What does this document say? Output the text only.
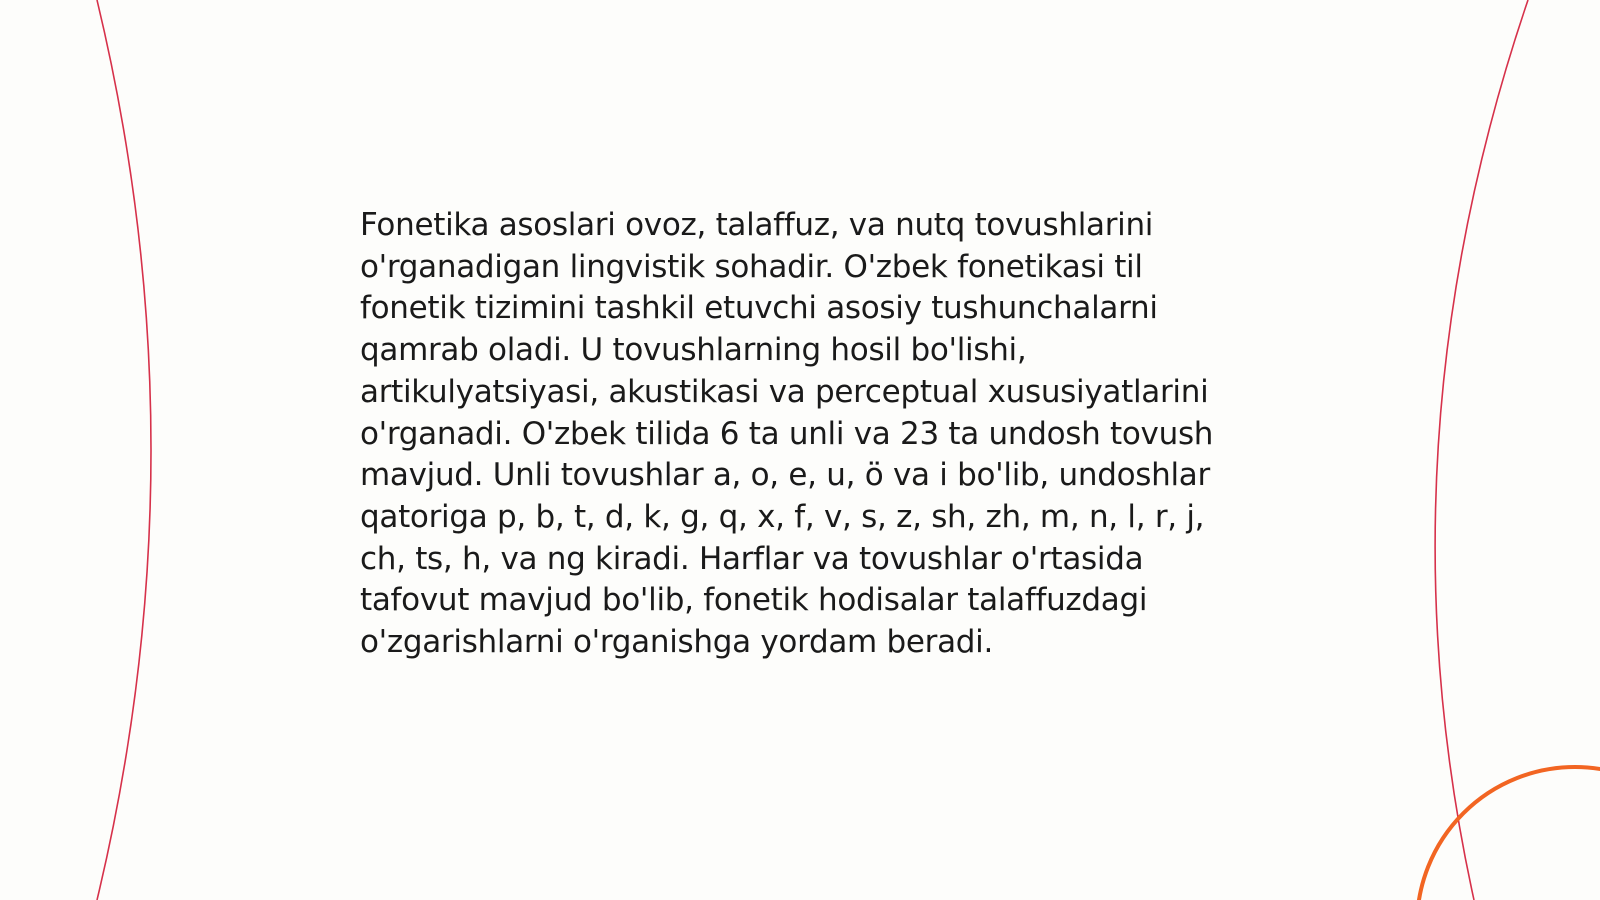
Fonetika asoslari ovoz, talaffuz, va nutq tovushlarini o'rganadigan lingvistik sohadir. O'zbek fonetikasi til fonetik tizimini tashkil etuvchi asosiy tushunchalarni qamrab oladi. U tovushlarning hosil bo'lishi, artikulyatsiyasi, akustikasi va perceptual xususiyatlarini o'rganadi. O'zbek tilida 6 ta unli va 23 ta undosh tovush mavjud. Unli tovushlar a, o, e, u, ö va i bo'lib, undoshlar qatoriga p, b, t, d, k, g, q, x, f, v, s, z, sh, zh, m, n, l, r, j, ch, ts, h, va ng kiradi. Harflar va tovushlar o'rtasida tafovut mavjud bo'lib, fonetik hodisalar talaffuzdagi o'zgarishlarni o'rganishga yordam beradi.
